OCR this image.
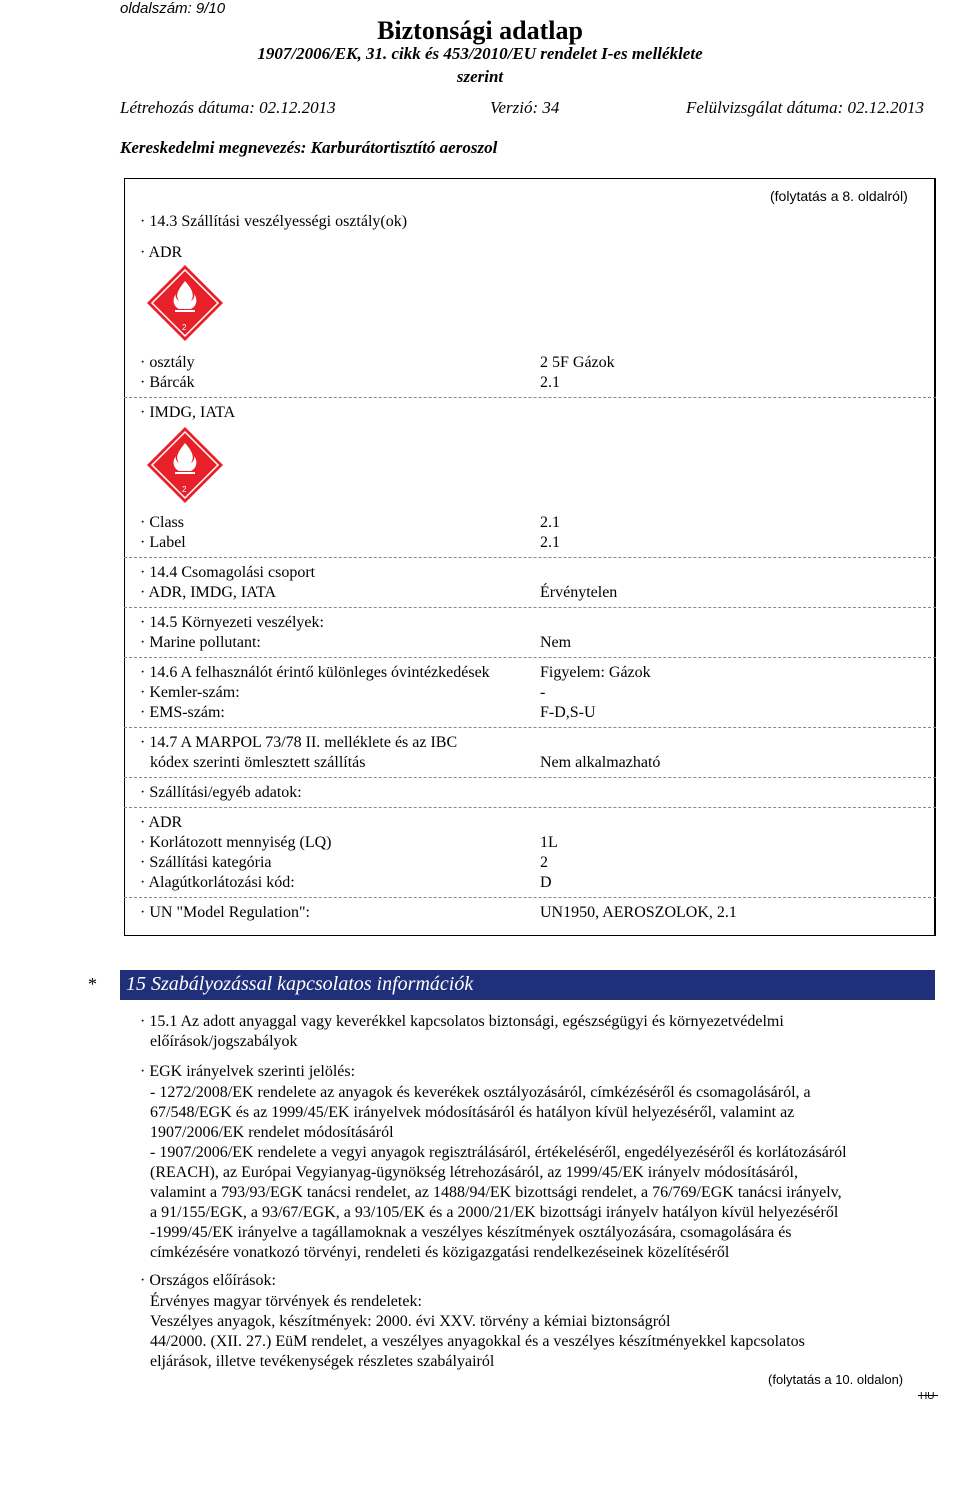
oldalszám: 9/10
Biztonsági adatlap
1907/2006/EK, 31. cikk és 453/2010/EU rendelet I-es melléklete
szerint
Létrehozás dátuma: 02.12.2013	Verzió: 34	Felülvizsgálat dátuma: 02.12.2013
Kereskedelmi megnevezés: Karburátortisztító aeroszol
(folytatás a 8. oldalról)
· 14.3 Szállítási veszélyességi osztály(ok)
· ADR
2
· osztály	2 5F Gázok
· Bárcák	2.1
· IMDG, IATA
2
· Class	2.1
· Label	2.1
· 14.4 Csomagolási csoport
· ADR, IMDG, IATA	Érvénytelen
· 14.5 Környezeti veszélyek:
· Marine pollutant:	Nem
· 14.6 A felhasználót érintő különleges óvintézkedések	Figyelem: Gázok
· Kemler-szám:	-
· EMS-szám:	F-D,S-U
· 14.7 A MARPOL 73/78 II. melléklete és az IBC
kódex szerinti ömlesztett szállítás	Nem alkalmazható
· Szállítási/egyéb adatok:
· ADR
· Korlátozott mennyiség (LQ)	1L
· Szállítási kategória	2
· Alagútkorlátozási kód:	D
· UN "Model Regulation":	UN1950, AEROSZOLOK, 2.1
* 15 Szabályozással kapcsolatos információk
· 15.1 Az adott anyaggal vagy keverékkel kapcsolatos biztonsági, egészségügyi és környezetvédelmi
előírások/jogszabályok
· EGK irányelvek szerinti jelölés:
- 1272/2008/EK rendelete az anyagok és keverékek osztályozásáról, címkézéséről és csomagolásáról, a
67/548/EGK és az 1999/45/EK irányelvek módosításáról és hatályon kívül helyezéséről, valamint az
1907/2006/EK rendelet módosításáról
- 1907/2006/EK rendelete a vegyi anyagok regisztrálásáról, értékeléséről, engedélyezéséről és korlátozásáról
(REACH), az Európai Vegyianyag-ügynökség létrehozásáról, az 1999/45/EK irányelv módosításáról,
valamint a 793/93/EGK tanácsi rendelet, az 1488/94/EK bizottsági rendelet, a 76/769/EGK tanácsi irányelv,
a 91/155/EGK, a 93/67/EGK, a 93/105/EK és a 2000/21/EK bizottsági irányelv hatályon kívül helyezéséről
-1999/45/EK irányelve a tagállamoknak a veszélyes készítmények osztályozására, csomagolására és
címkézésére vonatkozó törvényi, rendeleti és közigazgatási rendelkezéseinek közelítéséről
· Országos előírások:
Érvényes magyar törvények és rendeletek:
Veszélyes anyagok, készítmények: 2000. évi XXV. törvény a kémiai biztonságról
44/2000. (XII. 27.) EüM rendelet, a veszélyes anyagokkal és a veszélyes készítményekkel kapcsolatos
eljárások, illetve tevékenységek részletes szabályairól
(folytatás a 10. oldalon)
HU
